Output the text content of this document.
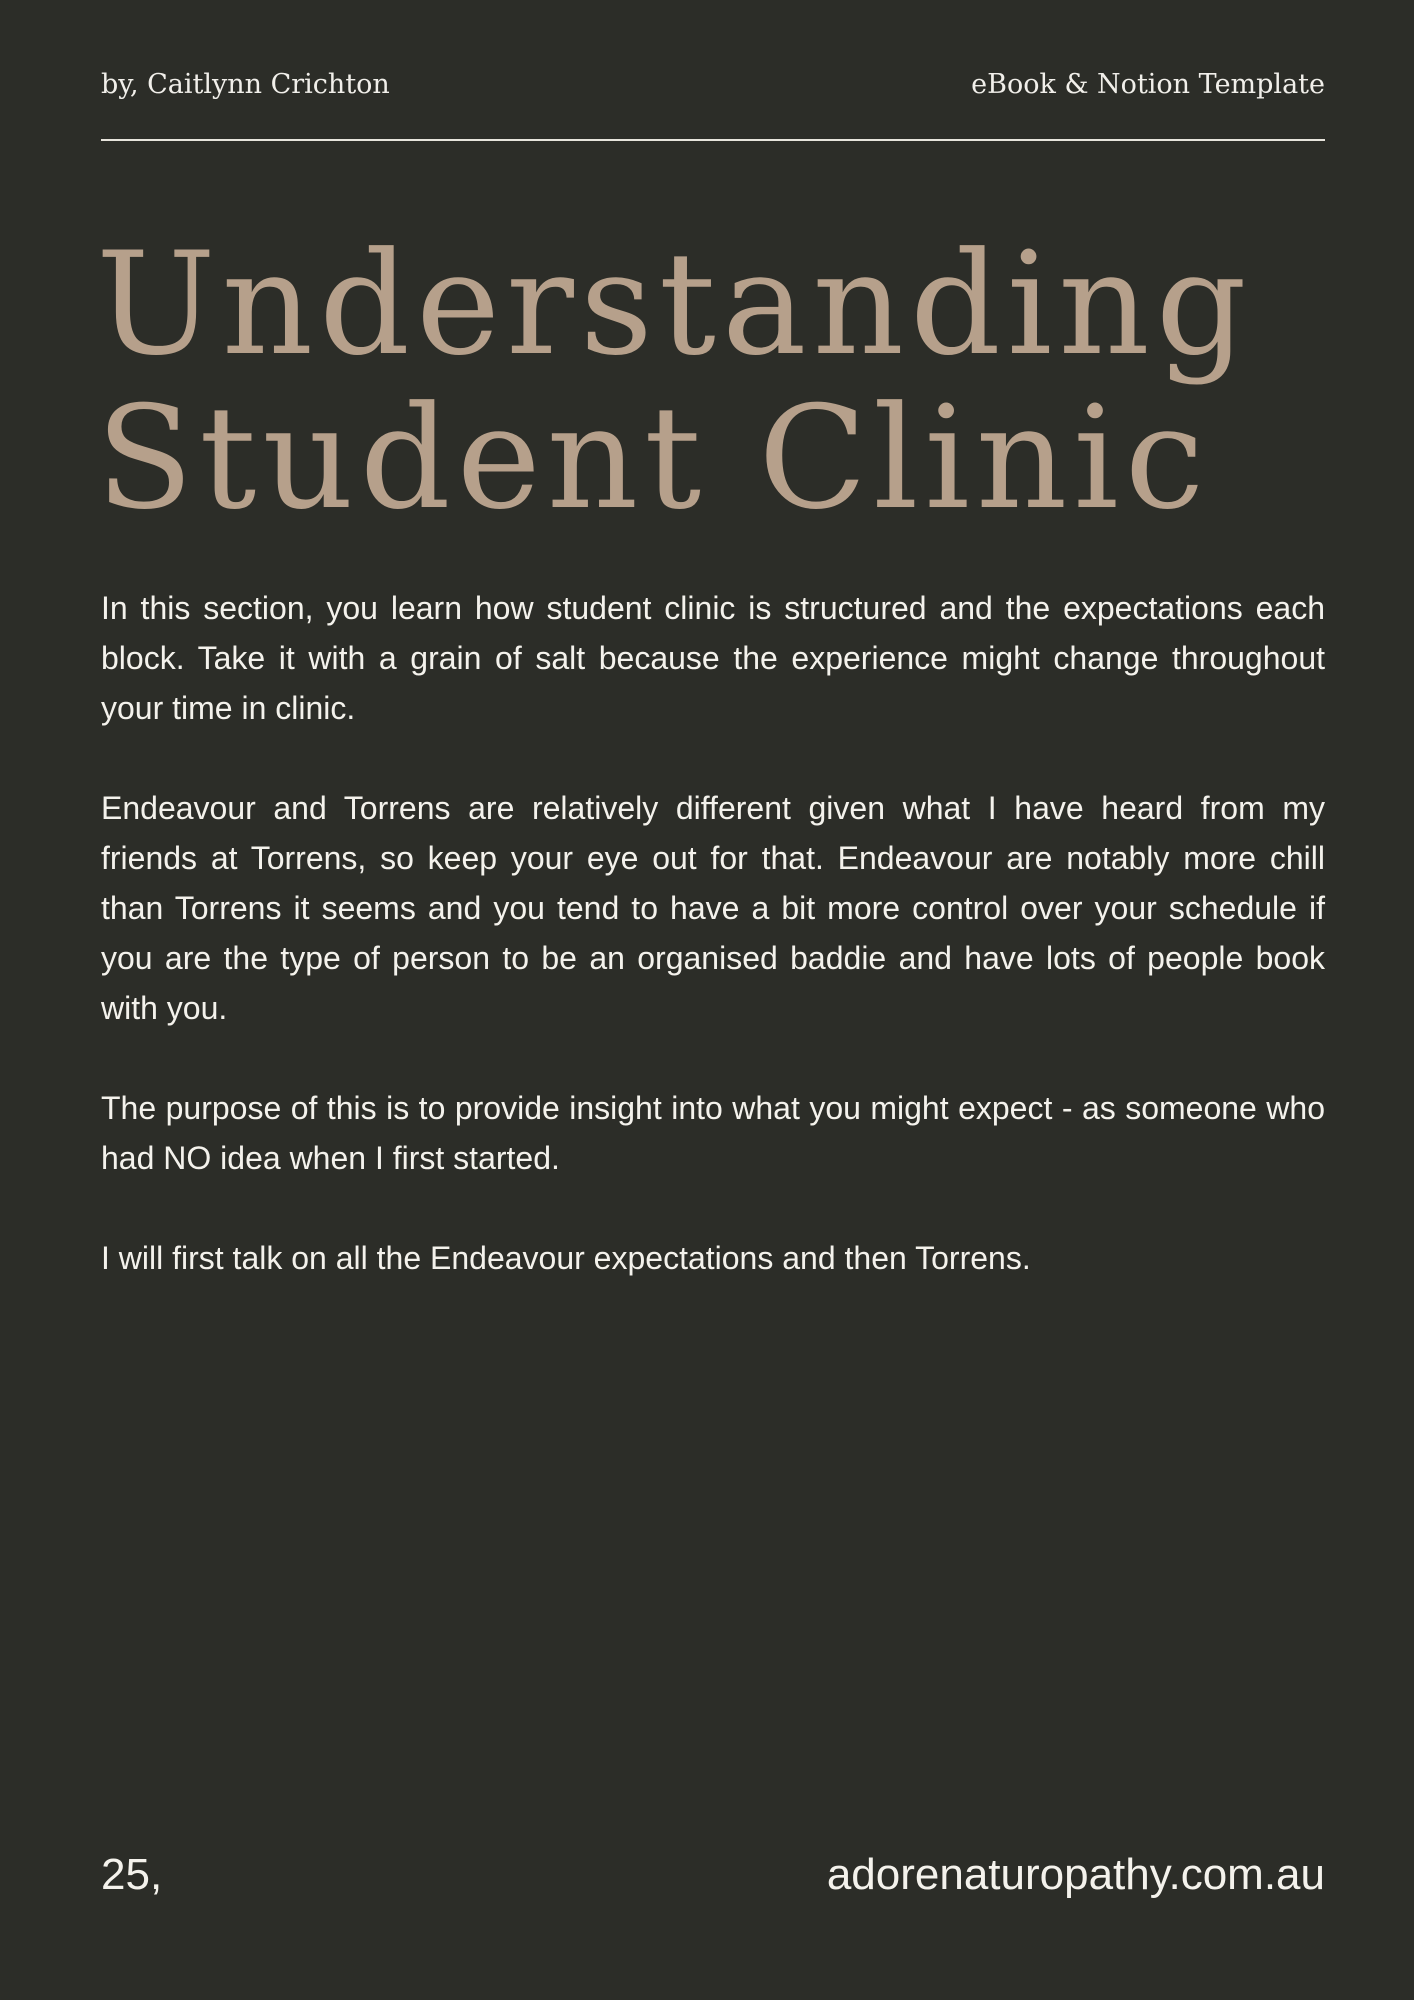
by, Caitlynn Crichton	eBook & Notion Template
Understanding
Student Clinic

In this section, you learn how student clinic is structured and the expectations each block. Take it with a grain of salt because the experience might change throughout your time in clinic.

Endeavour and Torrens are relatively different given what I have heard from my friends at Torrens, so keep your eye out for that. Endeavour are notably more chill than Torrens it seems and you tend to have a bit more control over your schedule if you are the type of person to be an organised baddie and have lots of people book with you.

The purpose of this is to provide insight into what you might expect - as someone who had NO idea when I first started.

I will first talk on all the Endeavour expectations and then Torrens.

25,	adorenaturopathy.com.au
